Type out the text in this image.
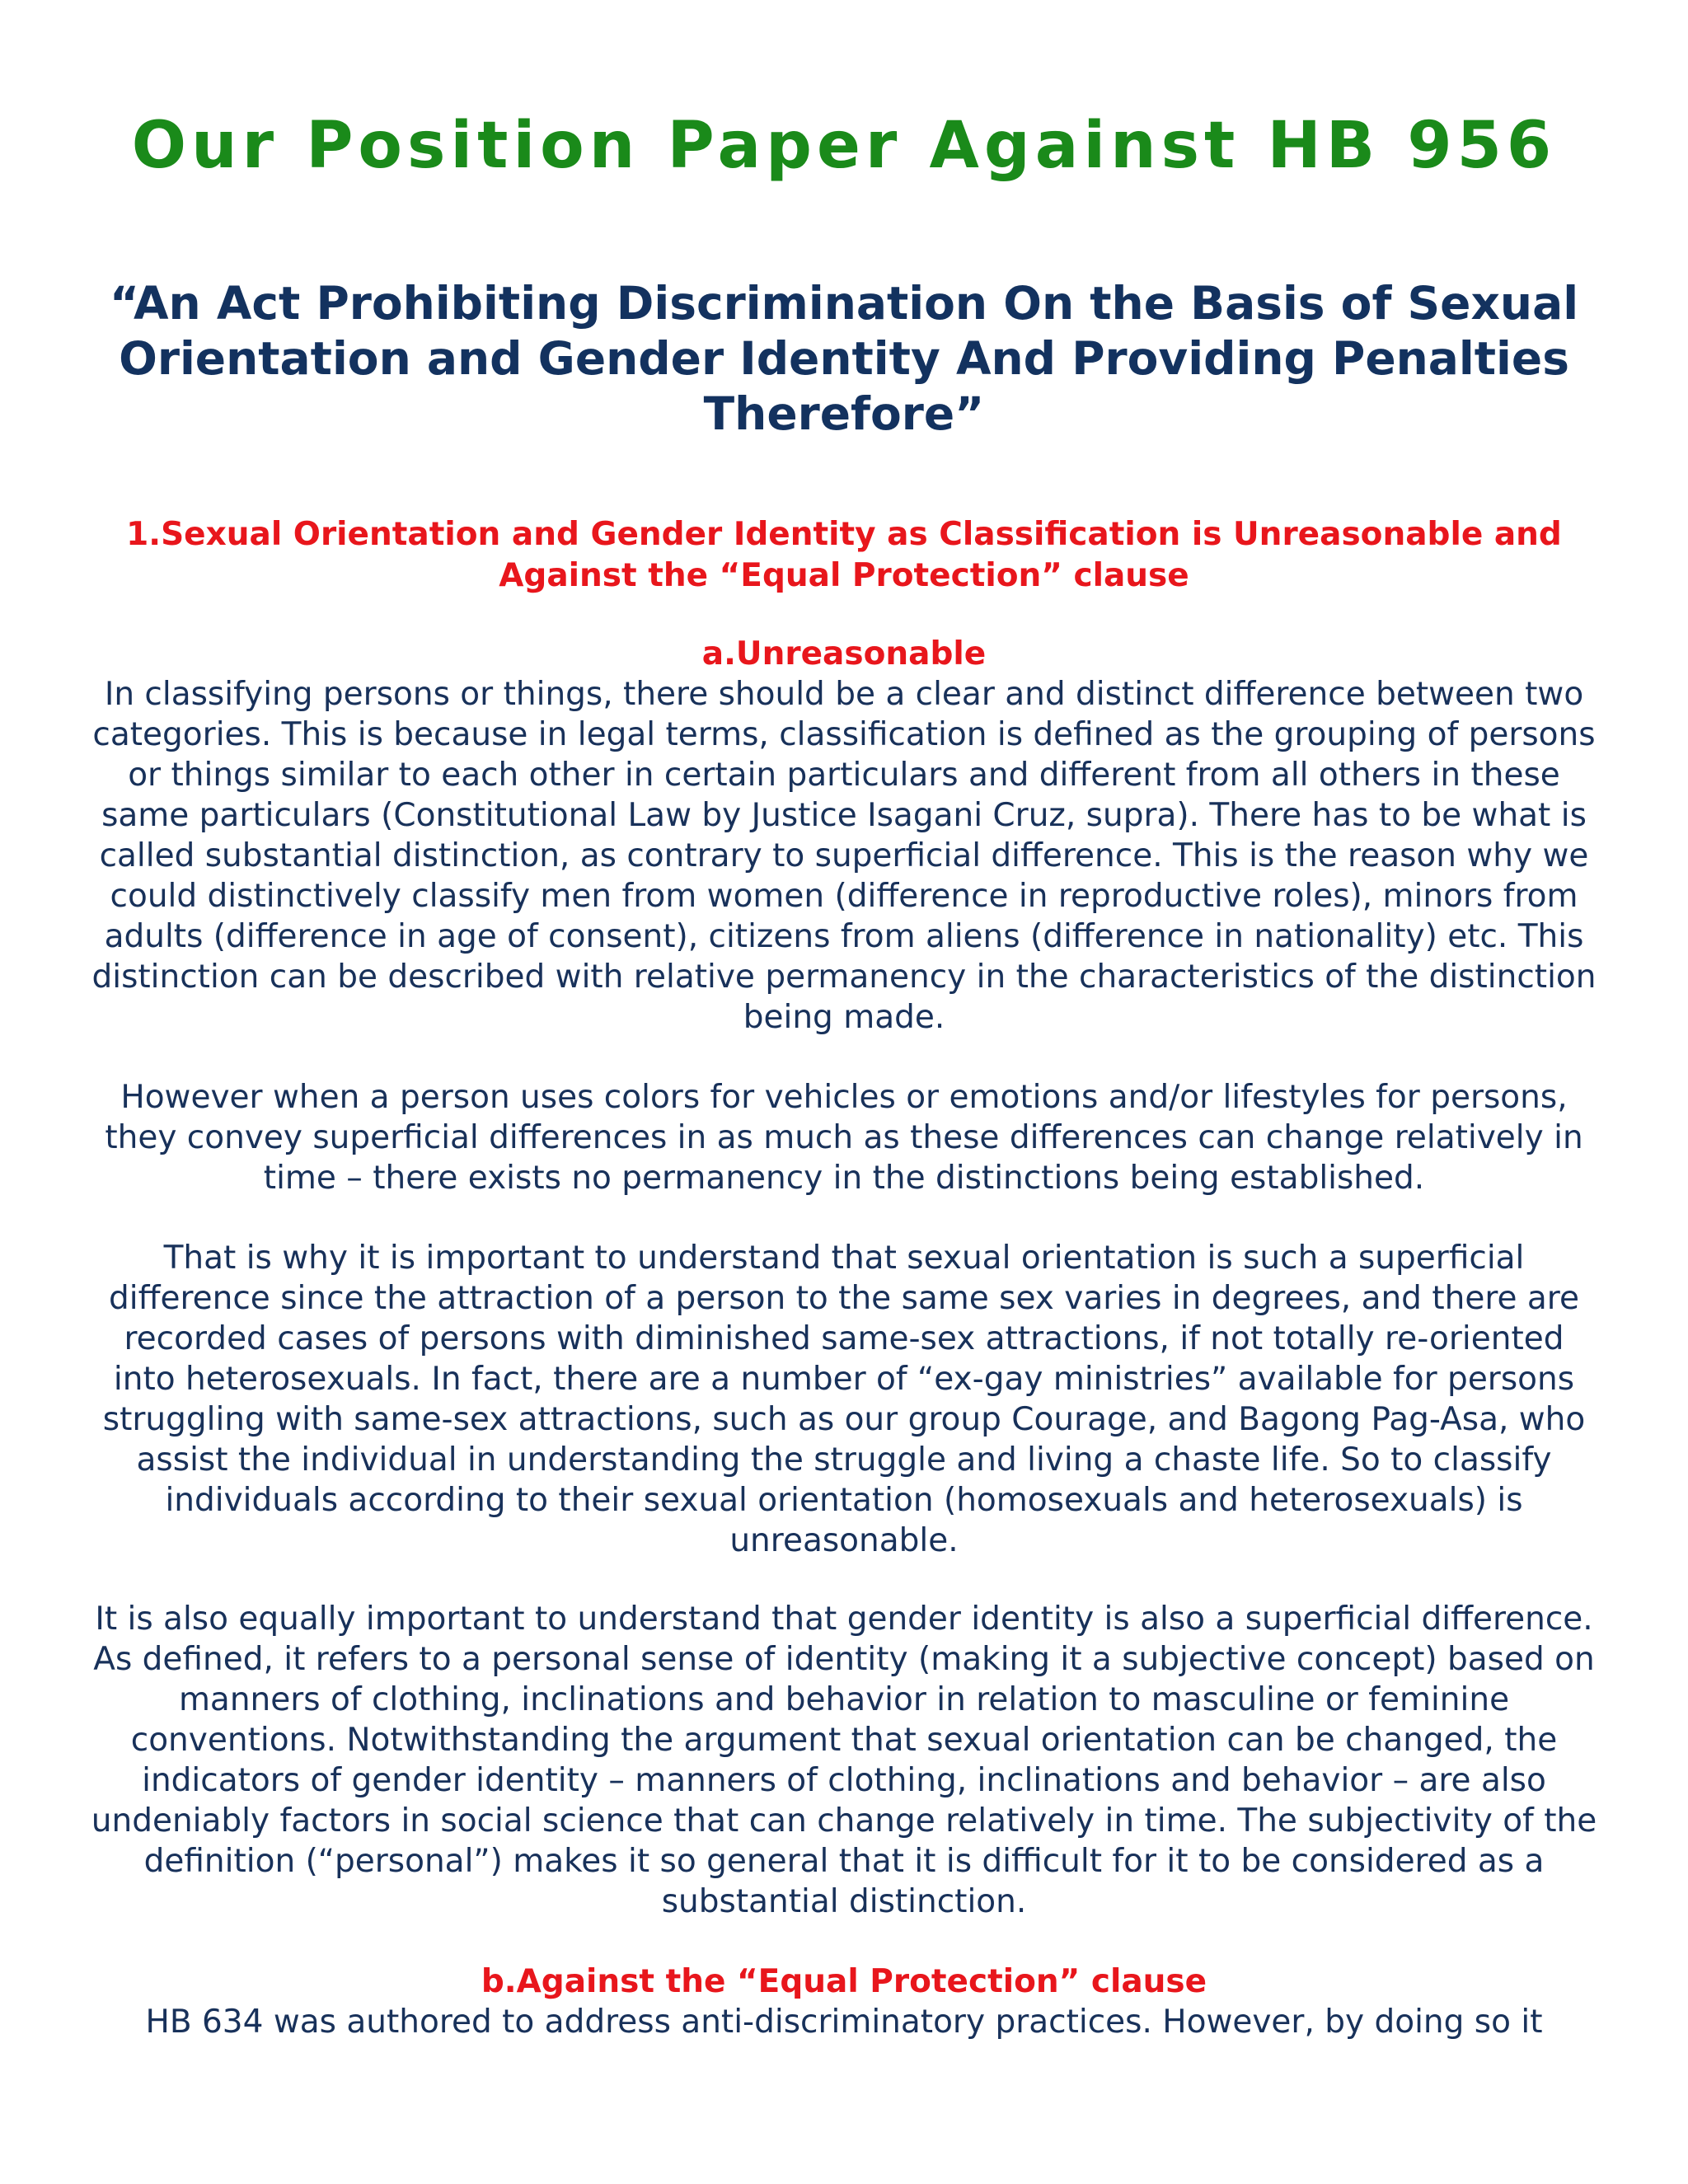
Our Position Paper Against HB 956
“An Act Prohibiting Discrimination On the Basis of Sexual Orientation and Gender Identity And Providing Penalties Therefore”
1.Sexual Orientation and Gender Identity as Classification is Unreasonable and Against the “Equal Protection” clause
a.Unreasonable

In classifying persons or things, there should be a clear and distinct difference between two categories. This is because in legal terms, classification is defined as the grouping of persons or things similar to each other in certain particulars and different from all others in these same particulars (Constitutional Law by Justice Isagani Cruz, supra). There has to be what is called substantial distinction, as contrary to superficial difference. This is the reason why we could distinctively classify men from women (difference in reproductive roles), minors from adults (difference in age of consent), citizens from aliens (difference in nationality) etc. This distinction can be described with relative permanency in the characteristics of the distinction being made.

However when a person uses colors for vehicles or emotions and/or lifestyles for persons, they convey superficial differences in as much as these differences can change relatively in time – there exists no permanency in the distinctions being established.

That is why it is important to understand that sexual orientation is such a superficial difference since the attraction of a person to the same sex varies in degrees, and there are recorded cases of persons with diminished same-sex attractions, if not totally re-oriented into heterosexuals. In fact, there are a number of “ex-gay ministries” available for persons struggling with same-sex attractions, such as our group Courage, and Bagong Pag-Asa, who assist the individual in understanding the struggle and living a chaste life. So to classify individuals according to their sexual orientation (homosexuals and heterosexuals) is unreasonable.

It is also equally important to understand that gender identity is also a superficial difference. As defined, it refers to a personal sense of identity (making it a subjective concept) based on manners of clothing, inclinations and behavior in relation to masculine or feminine conventions. Notwithstanding the argument that sexual orientation can be changed, the indicators of gender identity – manners of clothing, inclinations and behavior – are also undeniably factors in social science that can change relatively in time. The subjectivity of the definition (“personal”) makes it so general that it is difficult for it to be considered as a substantial distinction.

b.Against the “Equal Protection” clause

HB 634 was authored to address anti-discriminatory practices. However, by doing so it
